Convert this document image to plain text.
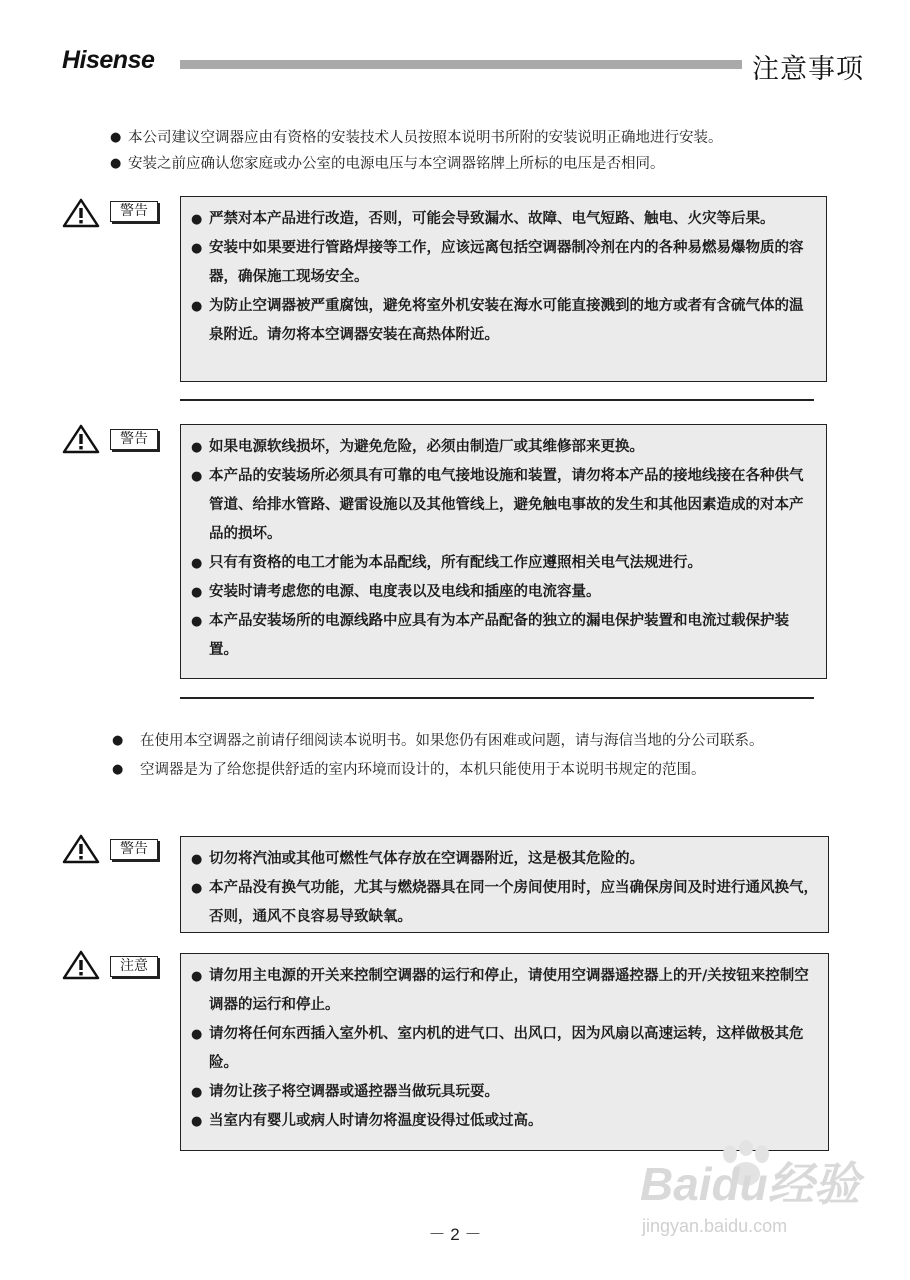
Hisense	注意事项
● 本公司建议空调器应由有资格的安装技术人员按照本说明书所附的安装说明正确地进行安装。
● 安装之前应确认您家庭或办公室的电源电压与本空调器铭牌上所标的电压是否相同。
警告	● 严禁对本产品进行改造，否则，可能会导致漏水、故障、电气短路、触电、火灾等后果。
● 安装中如果要进行管路焊接等工作，应该远离包括空调器制冷剂在内的各种易燃易爆物质的容器，确保施工现场安全。
● 为防止空调器被严重腐蚀，避免将室外机安装在海水可能直接溅到的地方或者有含硫气体的温泉附近。请勿将本空调器安装在高热体附近。
警告	● 如果电源软线损坏，为避免危险，必须由制造厂或其维修部来更换。
● 本产品的安装场所必须具有可靠的电气接地设施和装置，请勿将本产品的接地线接在各种供气管道、给排水管路、避雷设施以及其他管线上，避免触电事故的发生和其他因素造成的对本产品的损坏。
● 只有有资格的电工才能为本品配线，所有配线工作应遵照相关电气法规进行。
● 安装时请考虑您的电源、电度表以及电线和插座的电流容量。
● 本产品安装场所的电源线路中应具有为本产品配备的独立的漏电保护装置和电流过载保护装置。
● 在使用本空调器之前请仔细阅读本说明书。如果您仍有困难或问题，请与海信当地的分公司联系。
● 空调器是为了给您提供舒适的室内环境而设计的，本机只能使用于本说明书规定的范围。
警告
● 切勿将汽油或其他可燃性气体存放在空调器附近，这是极其危险的。
● 本产品没有换气功能，尤其与燃烧器具在同一个房间使用时，应当确保房间及时进行通风换气，否则，通风不良容易导致缺氧。
注意
● 请勿用主电源的开关来控制空调器的运行和停止，请使用空调器遥控器上的开/关按钮来控制空调器的运行和停止。
● 请勿将任何东西插入室外机、室内机的进气口、出风口，因为风扇以高速运转，这样做极其危险。
● 请勿让孩子将空调器或遥控器当做玩具玩耍。
● 当室内有婴儿或病人时请勿将温度设得过低或过高。
Baidu经验
jingyan.baidu.com
－ 2 －
